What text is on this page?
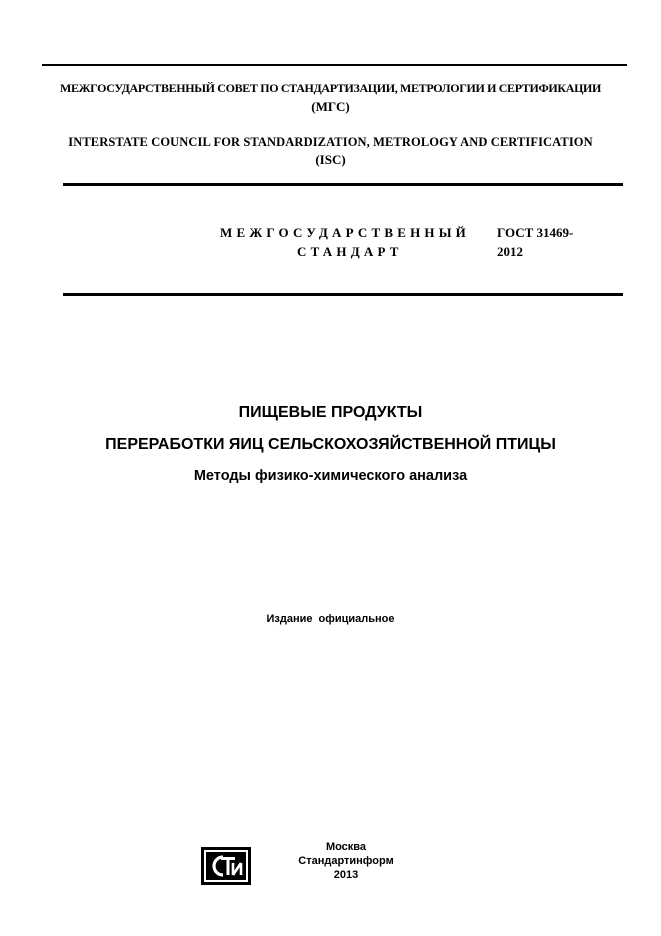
МЕЖГОСУДАРСТВЕННЫЙ СОВЕТ ПО СТАНДАРТИЗАЦИИ, МЕТРОЛОГИИ И СЕРТИФИКАЦИИ
(МГС)
INTERSTATE COUNCIL FOR STANDARDIZATION, METROLOGY AND CERTIFICATION
(ISC)
МЕЖГОСУДАРСТВЕННЫЙ
СТАНДАРТ
ГОСТ 31469-
2012
ПИЩЕВЫЕ ПРОДУКТЫ
ПЕРЕРАБОТКИ ЯИЦ СЕЛЬСКОХОЗЯЙСТВЕННОЙ ПТИЦЫ
Методы физико-химического анализа
Издание официальное
Москва
Стандартинформ
2013
